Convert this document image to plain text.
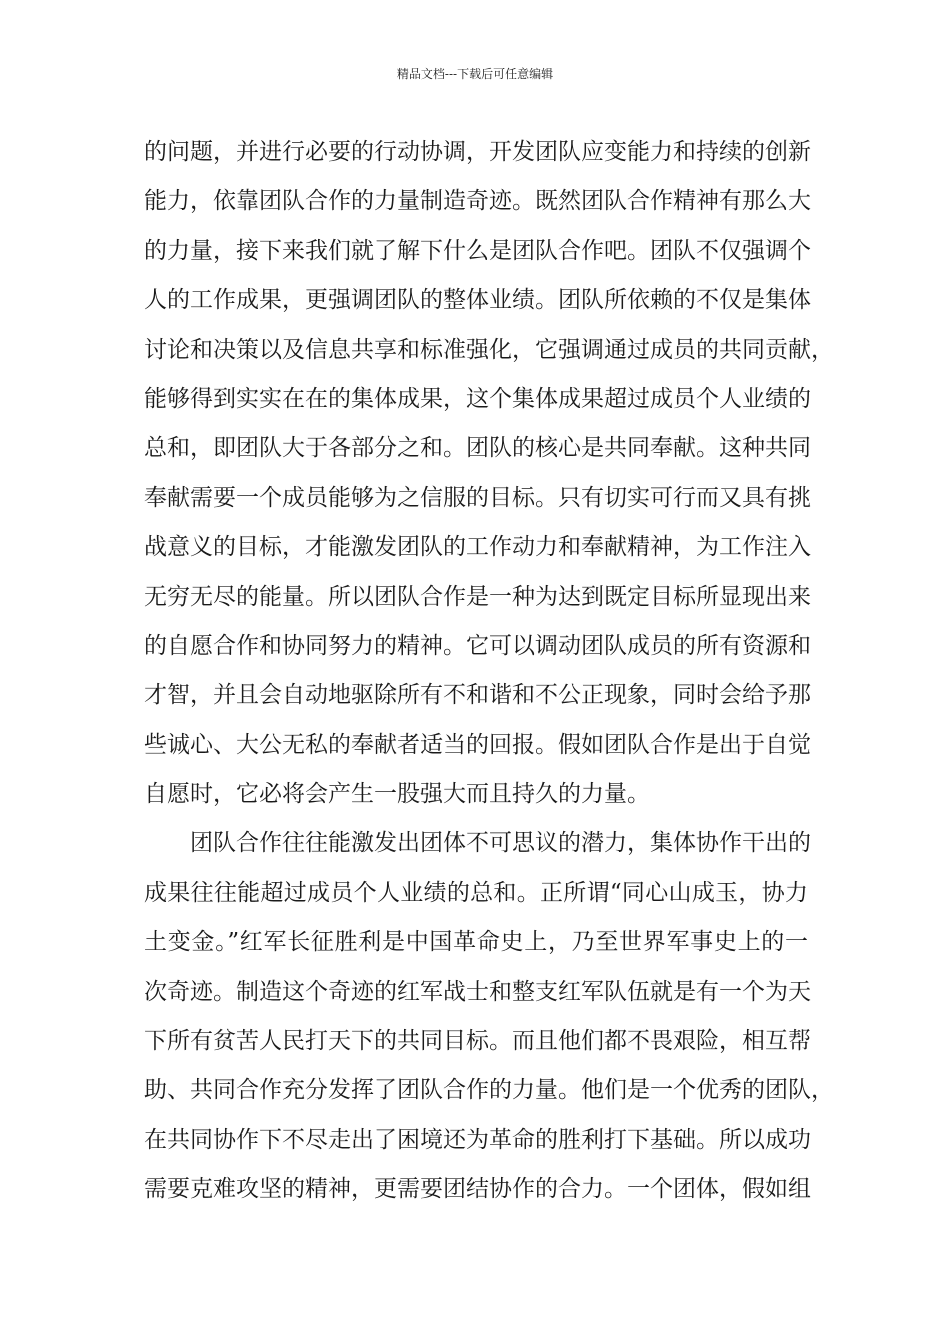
精品文档---下载后可任意编辑
的问题，并进行必要的行动协调，开发团队应变能力和持续的创新
能力，依靠团队合作的力量制造奇迹。既然团队合作精神有那么大
的力量，接下来我们就了解下什么是团队合作吧。团队不仅强调个
人的工作成果，更强调团队的整体业绩。团队所依赖的不仅是集体
讨论和决策以及信息共享和标准强化，它强调通过成员的共同贡献，
能够得到实实在在的集体成果，这个集体成果超过成员个人业绩的
总和，即团队大于各部分之和。团队的核心是共同奉献。这种共同
奉献需要一个成员能够为之信服的目标。只有切实可行而又具有挑
战意义的目标，才能激发团队的工作动力和奉献精神，为工作注入
无穷无尽的能量。所以团队合作是一种为达到既定目标所显现出来
的自愿合作和协同努力的精神。它可以调动团队成员的所有资源和
才智，并且会自动地驱除所有不和谐和不公正现象，同时会给予那
些诚心、大公无私的奉献者适当的回报。假如团队合作是出于自觉
自愿时，它必将会产生一股强大而且持久的力量。
团队合作往往能激发出团体不可思议的潜力，集体协作干出的
成果往往能超过成员个人业绩的总和。正所谓“同心山成玉，协力
土变金。”红军长征胜利是中国革命史上，乃至世界军事史上的一
次奇迹。制造这个奇迹的红军战士和整支红军队伍就是有一个为天
下所有贫苦人民打天下的共同目标。而且他们都不畏艰险，相互帮
助、共同合作充分发挥了团队合作的力量。他们是一个优秀的团队，
在共同协作下不尽走出了困境还为革命的胜利打下基础。所以成功
需要克难攻坚的精神，更需要团结协作的合力。一个团体，假如组
